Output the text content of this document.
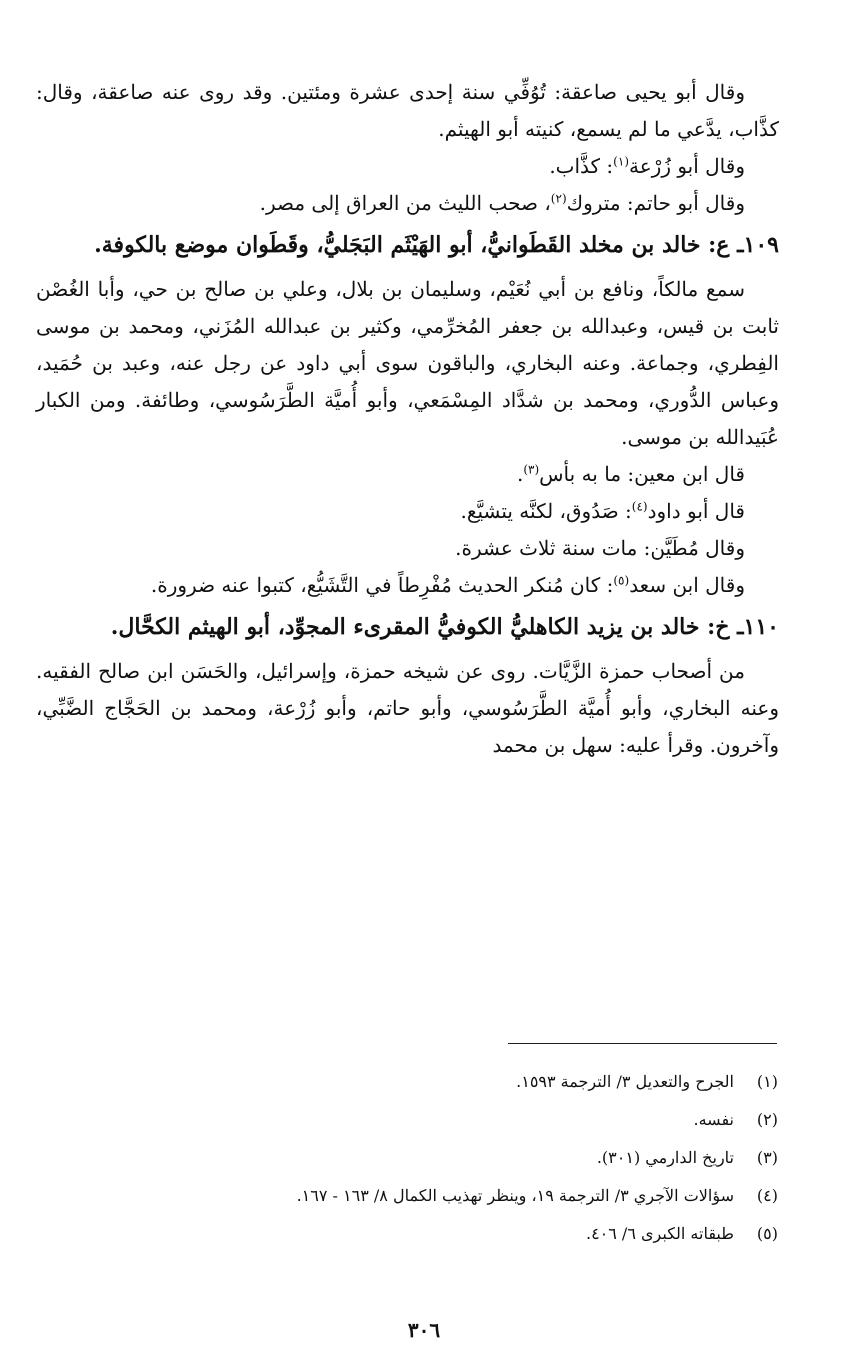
وقال أبو يحيى صاعقة: تُوُفِّي سنة إحدى عشرة ومئتين. وقد روى عنه صاعقة، وقال: كذَّاب، يدَّعي ما لم يسمع، كنيته أبو الهيثم.

وقال أبو زُرْعة$^{(١)}$: كذَّاب.

وقال أبو حاتم: متروك$^{(٢)}$، صحب الليث من العراق إلى مصر.

١٠٩ـ ع: خالد بن مخلد القَطَوانيُّ، أبو الهَيْثَم البَجَليُّ، وقَطَوان موضع بالكوفة.

سمع مالكاً، ونافع بن أبي نُعَيْم، وسليمان بن بلال، وعلي بن صالح بن حي، وأبا الغُصْن ثابت بن قيس، وعبدالله بن جعفر المُخرِّمي، وكثير بن عبدالله المُزَني، ومحمد بن موسى الفِطري، وجماعة. وعنه البخاري، والباقون سوى أبي داود عن رجل عنه، وعبد بن حُمَيد، وعباس الدُّوري، ومحمد بن شدَّاد المِسْمَعي، وأبو أُميَّة الطَّرَسُوسي، وطائفة. ومن الكبار عُبَيدالله بن موسى.

قال ابن معين: ما به بأس$^{(٣)}$.

قال أبو داود$^{(٤)}$: صَدُوق، لكنَّه يتشيَّع.

وقال مُطَيَّن: مات سنة ثلاث عشرة.

وقال ابن سعد$^{(٥)}$: كان مُنكر الحديث مُفْرِطاً في التَّشَيُّع، كتبوا عنه ضرورة.

١١٠ـ خ: خالد بن يزيد الكاهليُّ الكوفيُّ المقرىء المجوِّد، أبو الهيثم الكحَّال.

من أصحاب حمزة الزَّيَّات. روى عن شيخه حمزة، وإسرائيل، والحَسَن ابن صالح الفقيه. وعنه البخاري، وأبو أُميَّة الطَّرَسُوسي، وأبو حاتم، وأبو زُرْعة، ومحمد بن الحَجَّاج الضَّبِّي، وآخرون. وقرأ عليه: سهل بن محمد

(١)
الجرح والتعديل ٣/ الترجمة ١٥٩٣.
(٢)
نفسه.
(٣)
تاريخ الدارمي (٣٠١).
(٤)
سؤالات الآجري ٣/ الترجمة ١٩، وينظر تهذيب الكمال ٨/ ١٦٣ - ١٦٧.
(٥)
طبقاته الكبرى ٦/ ٤٠٦.
٣٠٦
